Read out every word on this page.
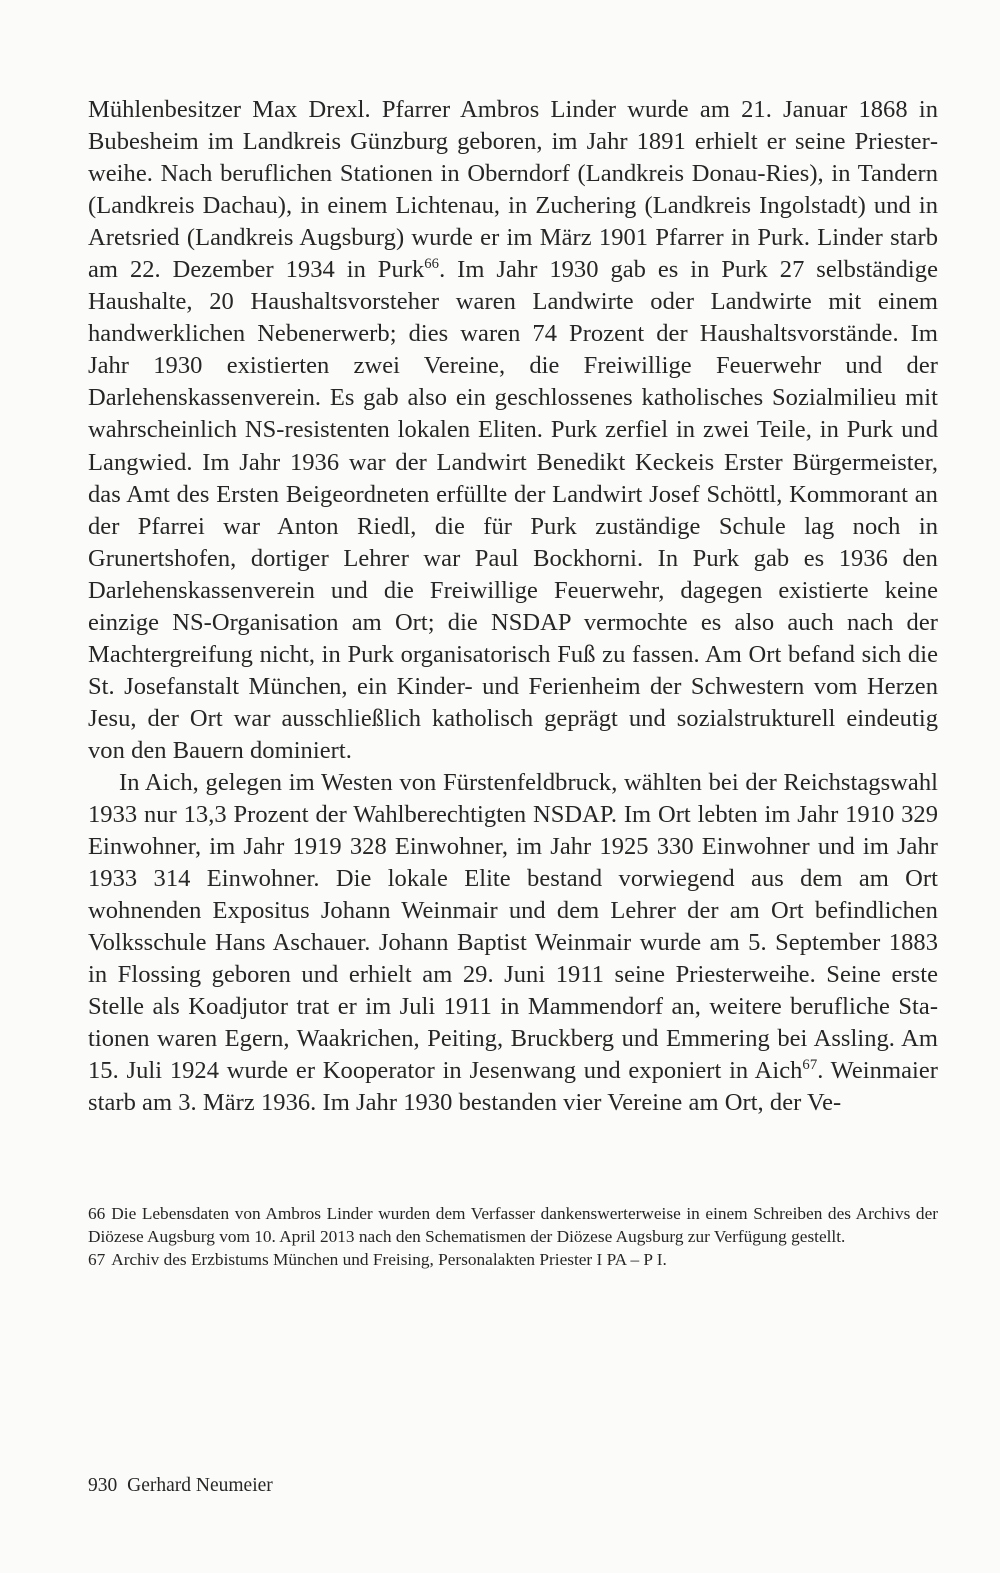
Mühlenbesitzer Max Drexl. Pfarrer Ambros Linder wurde am 21. Januar 1868 in Bubesheim im Landkreis Günzburg geboren, im Jahr 1891 erhielt er seine Priesterweihe. Nach beruflichen Stationen in Oberndorf (Landkreis Donau-Ries), in Tandern (Landkreis Dachau), in einem Lichtenau, in Zuchering (Landkreis Ingolstadt) und in Aretsried (Landkreis Augsburg) wurde er im März 1901 Pfarrer in Purk. Linder starb am 22. Dezember 1934 in Purk$^{66}$. Im Jahr 1930 gab es in Purk 27 selbständige Haushalte, 20 Haushaltsvorsteher waren Landwirte oder Landwirte mit einem handwerklichen Nebenerwerb; dies waren 74 Prozent der Haushaltsvorstände. Im Jahr 1930 existierten zwei Vereine, die Freiwillige Feuerwehr und der Darlehenskassenverein. Es gab also ein geschlossenes katholisches Sozialmilieu mit wahrscheinlich NS-resistenten lokalen Eliten. Purk zerfiel in zwei Teile, in Purk und Langwied. Im Jahr 1936 war der Landwirt Benedikt Keckeis Erster Bürgermeister, das Amt des Ersten Beigeordneten erfüllte der Landwirt Josef Schöttl, Kommorant an der Pfarrei war Anton Riedl, die für Purk zuständige Schule lag noch in Grunertshofen, dortiger Lehrer war Paul Bockhorni. In Purk gab es 1936 den Darlehenskassenverein und die Freiwillige Feuerwehr, dagegen existierte keine einzige NS-Organisation am Ort; die NSDAP vermochte es also auch nach der Machtergreifung nicht, in Purk organisatorisch Fuß zu fassen. Am Ort befand sich die St. Josefanstalt München, ein Kinder- und Ferienheim der Schwestern vom Herzen Jesu, der Ort war ausschließlich katholisch geprägt und sozialstrukturell eindeutig von den Bauern dominiert.

In Aich, gelegen im Westen von Fürstenfeldbruck, wählten bei der Reichstagswahl 1933 nur 13,3 Prozent der Wahlberechtigten NSDAP. Im Ort lebten im Jahr 1910 329 Einwohner, im Jahr 1919 328 Einwohner, im Jahr 1925 330 Einwohner und im Jahr 1933 314 Einwohner. Die lokale Elite bestand vorwiegend aus dem am Ort wohnenden Expositus Johann Weinmair und dem Lehrer der am Ort befindlichen Volksschule Hans Aschauer. Johann Baptist Weinmair wurde am 5. September 1883 in Flossing geboren und erhielt am 29. Juni 1911 seine Priesterweihe. Seine erste Stelle als Koadjutor trat er im Juli 1911 in Mammendorf an, weitere berufliche Stationen waren Egern, Waakrichen, Peiting, Bruckberg und Emmering bei Assling. Am 15. Juli 1924 wurde er Kooperator in Jesenwang und exponiert in Aich$^{67}$. Weinmaier starb am 3. März 1936. Im Jahr 1930 bestanden vier Vereine am Ort, der Ve-

66 Die Lebensdaten von Ambros Linder wurden dem Verfasser dankenswerterweise in einem Schreiben des Archivs der Diözese Augsburg vom 10. April 2013 nach den Schematismen der Diözese Augsburg zur Verfügung gestellt.

67 Archiv des Erzbistums München und Freising, Personalakten Priester I PA – P I.

930 Gerhard Neumeier
